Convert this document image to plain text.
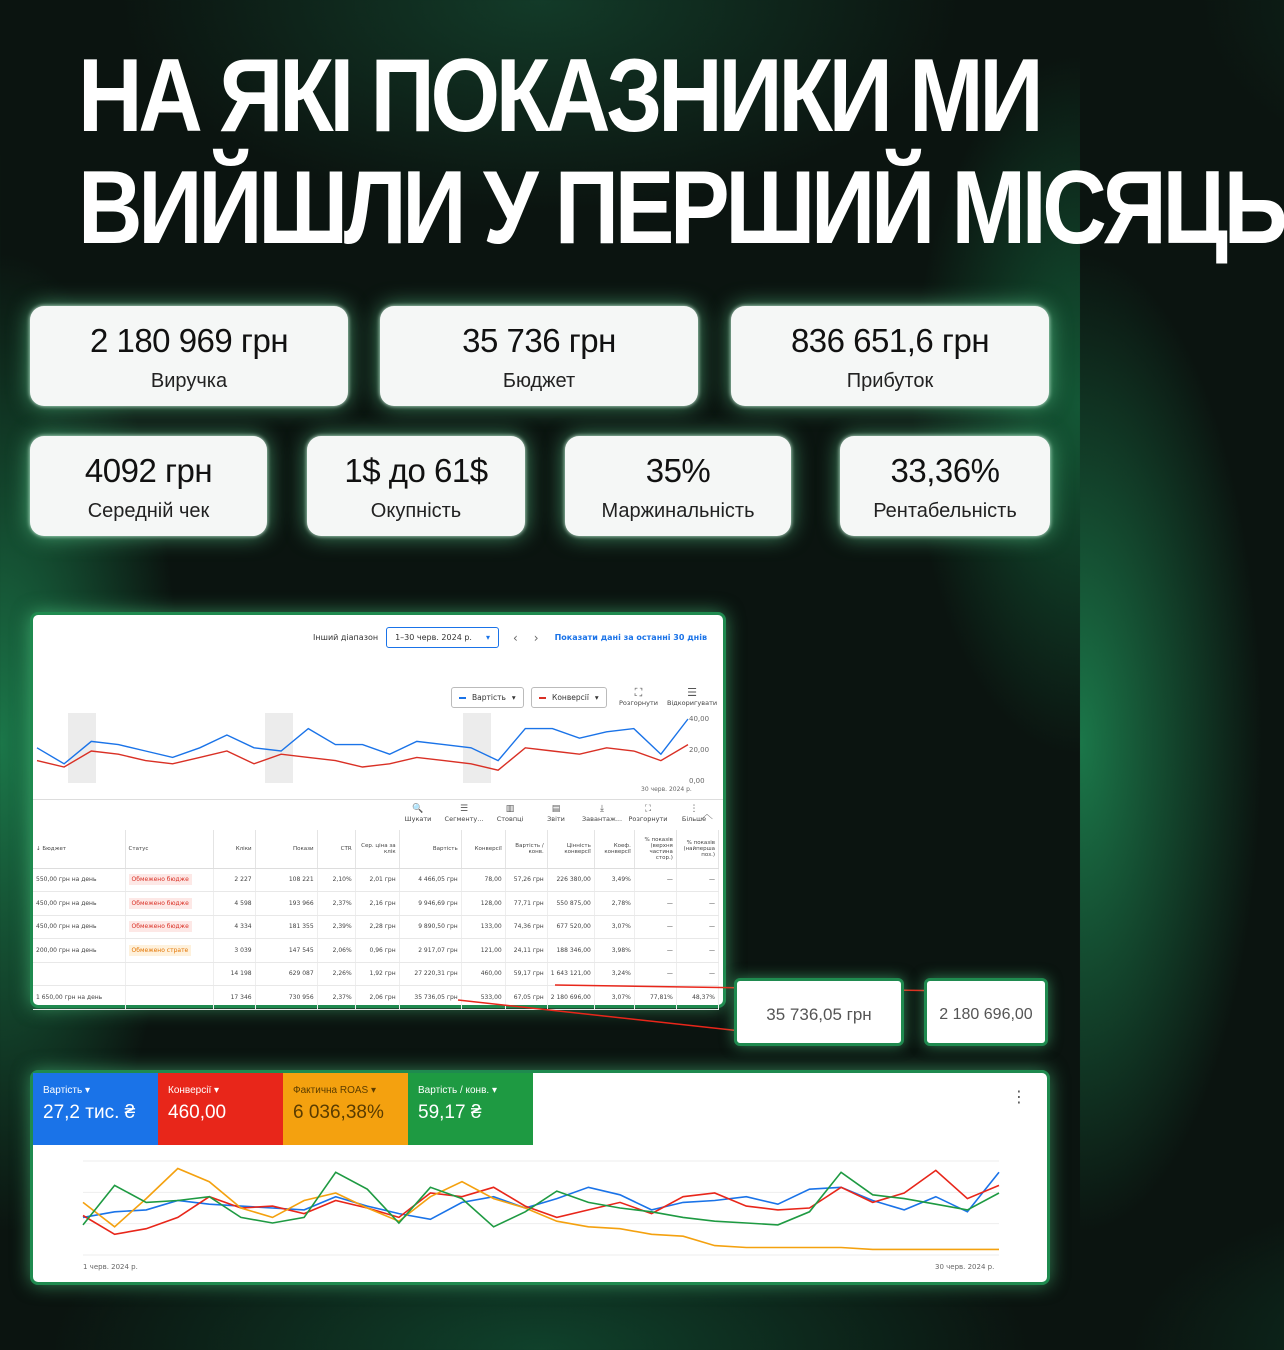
НА ЯКІ ПОКАЗНИКИ МИ
ВИЙШЛИ У ПЕРШИЙ МІСЯЦЬ
2 180 969 грн
Виручка
35 736 грн
Бюджет
836 651,6 грн
Прибуток
4092 грн
Середній чек
1$ до 61$
Окупність
35%
Маржинальність
33,36%
Рентабельність
Інший діапазон 1–30 черв. 2024 р. ▾ ‹ › Показати дані за останні 30 днів
Вартість ▾	Конверсії ▾	⛶
Розгорнути
☰
Відкоригувати
40,00
20,00
0,00
30 черв. 2024 р.
🔍
Шукати
☰
Сегменту...
▥
Стовпці
▤
Звіти
⤓
Завантаж...
⛶
Розгорнути
⋮
Більше
︿
↓ Бюджет	Статус	Кліки	Покази	CTR	Сер. ціна за клік	Вартість	Конверсії	Вартість / конв.	Цінність конверсії	Коеф. конверсії	% показів (верхня частина стор.)	% показів (найперша поз.)
550,00 грн на день	Обмежено бюдже	2 227	108 221	2,10%	2,01 грн	4 466,05 грн	78,00	57,26 грн	226 380,00	3,49%	—	—
450,00 грн на день	Обмежено бюдже	4 598	193 966	2,37%	2,16 грн	9 946,69 грн	128,00	77,71 грн	550 875,00	2,78%	—	—
450,00 грн на день	Обмежено бюдже	4 334	181 355	2,39%	2,28 грн	9 890,50 грн	133,00	74,36 грн	677 520,00	3,07%	—	—
200,00 грн на день	Обмежено страте	3 039	147 545	2,06%	0,96 грн	2 917,07 грн	121,00	24,11 грн	188 346,00	3,98%	—	—
		14 198	629 087	2,26%	1,92 грн	27 220,31 грн	460,00	59,17 грн	1 643 121,00	3,24%	—	—
1 650,00 грн на день		17 346	730 956	2,37%	2,06 грн	35 736,05 грн	533,00	67,05 грн	2 180 696,00	3,07%	77,81%	48,37%
35 736,05 грн	2 180 696,00
Вартість ▾
27,2 тис. ₴
Конверсії ▾
460,00
Фактична ROAS ▾
6 036,38%
Вартість / конв. ▾
59,17 ₴
⋮
1 черв. 2024 р.	30 черв. 2024 р.
